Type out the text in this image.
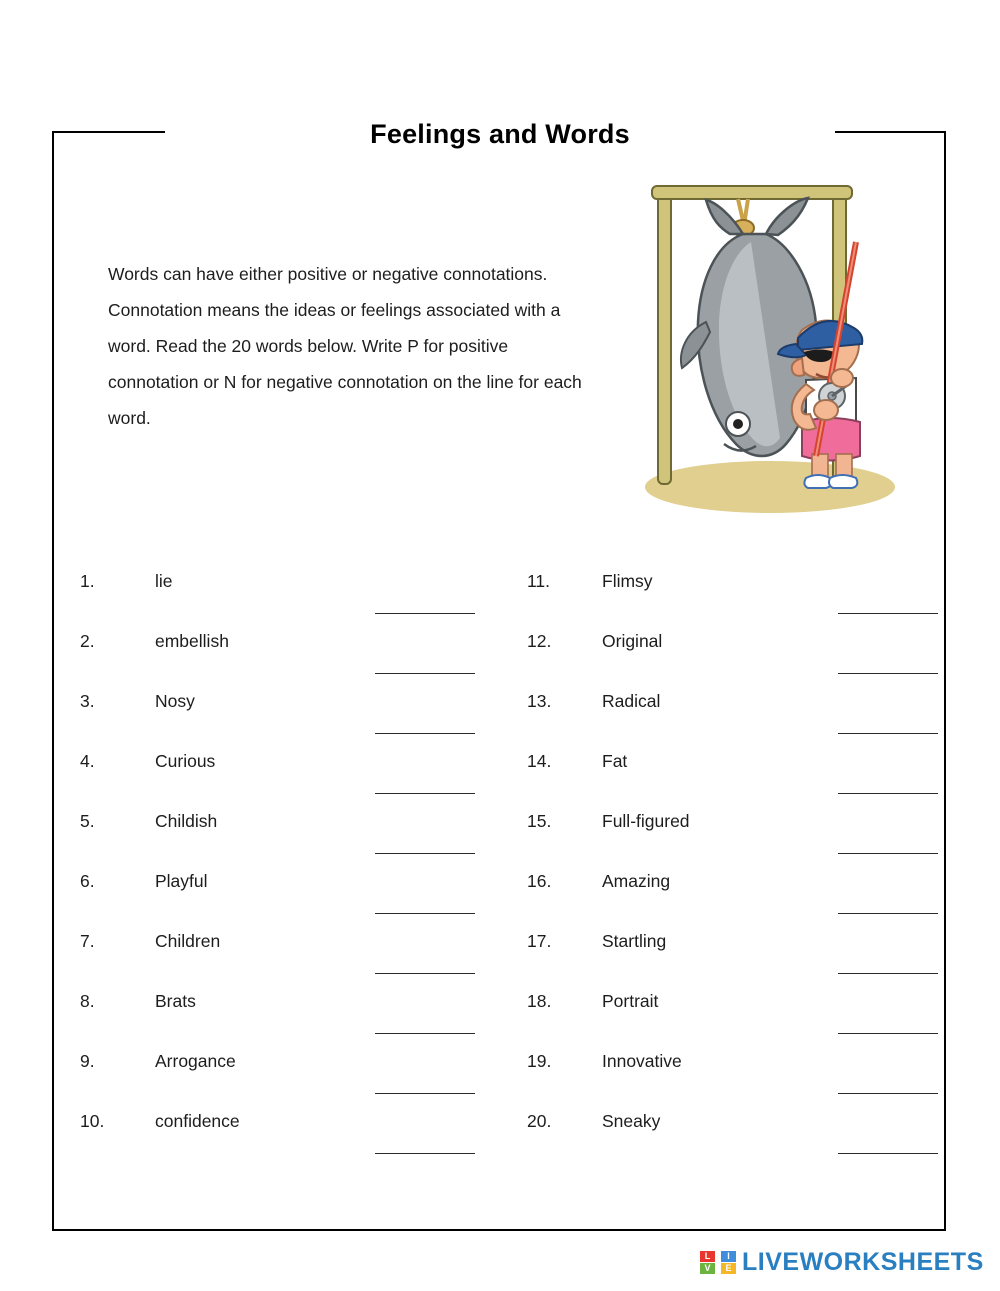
Feelings and Words
Words can have either positive or negative connotations. Connotation means the ideas or feelings associated with a word. Read the 20 words below. Write P for positive connotation or N for negative connotation on the line for each word.
1.	lie
2.	embellish
3.	Nosy
4.	Curious
5.	Childish
6.	Playful
7.	Children
8.	Brats
9.	Arrogance
10.	confidence
11.	Flimsy
12.	Original
13.	Radical
14.	Fat
15.	Full-figured
16.	Amazing
17.	Startling
18.	Portrait
19.	Innovative
20.	Sneaky
L
V
I
E LIVEWORKSHEETS
